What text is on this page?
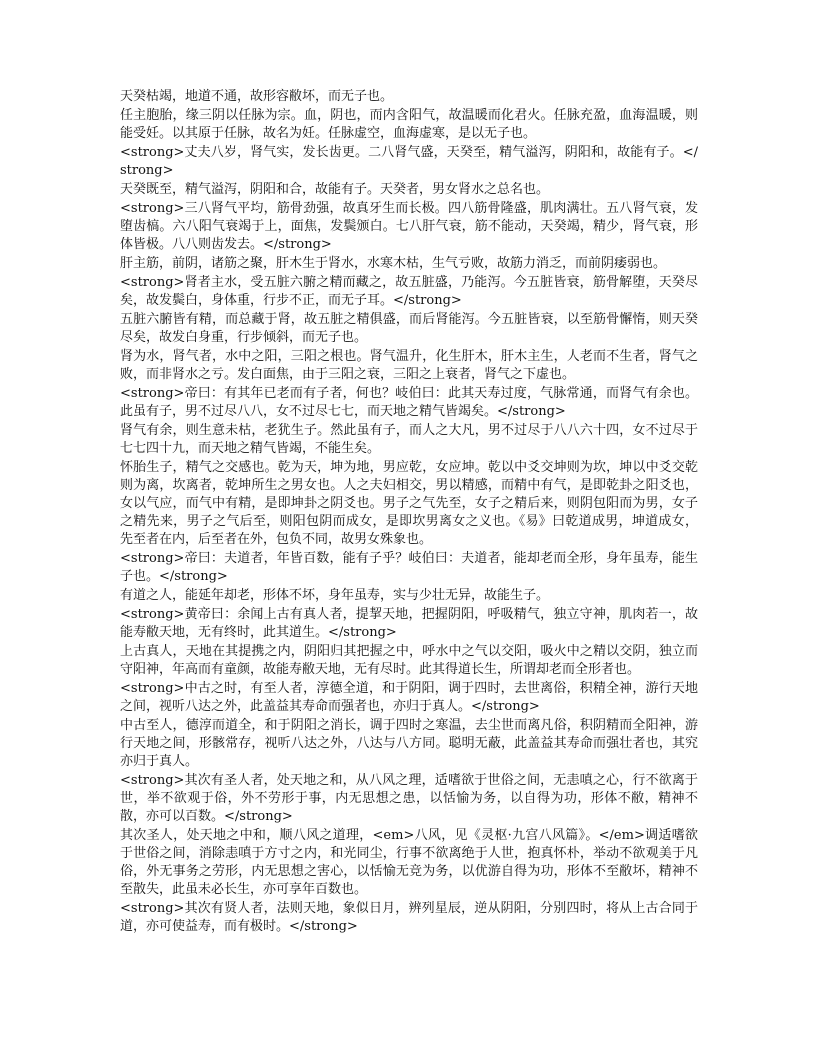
天癸枯竭，地道不通，故形容敝坏，而无子也。

任主胞胎，缘三阴以任脉为宗。血，阴也，而内含阳气，故温暖而化君火。任脉充盈，血海温暖，则能受妊。以其原于任脉，故名为妊。任脉虚空，血海虚寒，是以无子也。

<strong>丈夫八岁，肾气实，发长齿更。二八肾气盛，天癸至，精气溢泻，阴阳和，故能有子。</strong>

天癸既至，精气溢泻，阴阳和合，故能有子。天癸者，男女肾水之总名也。

<strong>三八肾气平均，筋骨劲强，故真牙生而长极。四八筋骨隆盛，肌肉满壮。五八肾气衰，发堕齿槁。六八阳气衰竭于上，面焦，发鬓颁白。七八肝气衰，筋不能动，天癸竭，精少，肾气衰，形体皆极。八八则齿发去。</strong>

肝主筋，前阴，诸筋之聚，肝木生于肾水，水寒木枯，生气亏败，故筋力消乏，而前阴痿弱也。

<strong>肾者主水，受五脏六腑之精而藏之，故五脏盛，乃能泻。今五脏皆衰，筋骨解堕，天癸尽矣，故发鬓白，身体重，行步不正，而无子耳。</strong>

五脏六腑皆有精，而总藏于肾，故五脏之精俱盛，而后肾能泻。今五脏皆衰，以至筋骨懈惰，则天癸尽矣，故发白身重，行步倾斜，而无子也。

肾为水，肾气者，水中之阳，三阳之根也。肾气温升，化生肝木，肝木主生，人老而不生者，肾气之败，而非肾水之亏。发白面焦，由于三阳之衰，三阳之上衰者，肾气之下虚也。

<strong>帝曰：有其年已老而有子者，何也？岐伯曰：此其天寿过度，气脉常通，而肾气有余也。此虽有子，男不过尽八八，女不过尽七七，而天地之精气皆竭矣。</strong>

肾气有余，则生意未枯，老犹生子。然此虽有子，而人之大凡，男不过尽于八八六十四，女不过尽于七七四十九，而天地之精气皆竭，不能生矣。

怀胎生子，精气之交感也。乾为天，坤为地，男应乾，女应坤。乾以中爻交坤则为坎，坤以中爻交乾则为离，坎离者，乾坤所生之男女也。人之夫妇相交，男以精感，而精中有气，是即乾卦之阳爻也，女以气应，而气中有精，是即坤卦之阴爻也。男子之气先至，女子之精后来，则阴包阳而为男，女子之精先来，男子之气后至，则阳包阴而成女，是即坎男离女之义也。《易》曰乾道成男，坤道成女，先至者在内，后至者在外，包负不同，故男女殊象也。

<strong>帝曰：夫道者，年皆百数，能有子乎？岐伯曰：夫道者，能却老而全形，身年虽寿，能生子也。</strong>

有道之人，能延年却老，形体不坏，身年虽寿，实与少壮无异，故能生子。

<strong>黄帝曰：余闻上古有真人者，提挈天地，把握阴阳，呼吸精气，独立守神，肌肉若一，故能寿敝天地，无有终时，此其道生。</strong>

上古真人，天地在其提携之内，阴阳归其把握之中，呼水中之气以交阳，吸火中之精以交阴，独立而守阳神，年高而有童颜，故能寿敝天地，无有尽时。此其得道长生，所谓却老而全形者也。

<strong>中古之时，有至人者，淳德全道，和于阴阳，调于四时，去世离俗，积精全神，游行天地之间，视听八达之外，此盖益其寿命而强者也，亦归于真人。</strong>

中古至人，德淳而道全，和于阴阳之消长，调于四时之寒温，去尘世而离凡俗，积阴精而全阳神，游行天地之间，形骸常存，视听八达之外，八达与八方同。聪明无蔽，此盖益其寿命而强壮者也，其究亦归于真人。

<strong>其次有圣人者，处天地之和，从八风之理，适嗜欲于世俗之间，无恚嗔之心，行不欲离于世，举不欲观于俗，外不劳形于事，内无思想之患，以恬愉为务，以自得为功，形体不敝，精神不散，亦可以百数。</strong>

其次圣人，处天地之中和，顺八风之道理，<em>八风，见《灵枢·九宫八风篇》。</em>调适嗜欲于世俗之间，消除恚嗔于方寸之内，和光同尘，行事不欲离绝于人世，抱真怀朴，举动不欲观美于凡俗，外无事务之劳形，内无思想之害心，以恬愉无竞为务，以优游自得为功，形体不至敝坏，精神不至散失，此虽未必长生，亦可享年百数也。

<strong>其次有贤人者，法则天地，象似日月，辨列星辰，逆从阴阳，分别四时，将从上古合同于道，亦可使益寿，而有极时。</strong>
